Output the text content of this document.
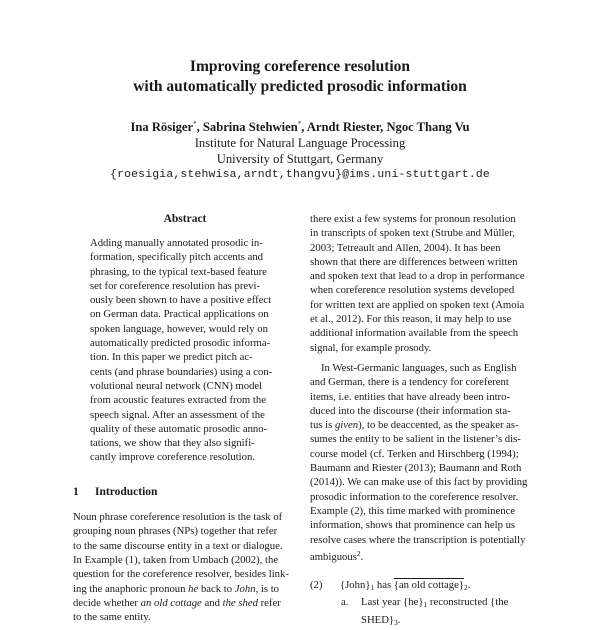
Improving coreference resolution
with automatically predicted prosodic information
Ina Rösiger*, Sabrina Stehwien*, Arndt Riester, Ngoc Thang Vu
Institute for Natural Language Processing
University of Stuttgart, Germany
{roesigia,stehwisa,arndt,thangvu}@ims.uni-stuttgart.de
Abstract
Adding manually annotated prosodic in-
formation, specifically pitch accents and
phrasing, to the typical text-based feature
set for coreference resolution has previ-
ously been shown to have a positive effect
on German data. Practical applications on
spoken language, however, would rely on
automatically predicted prosodic informa-
tion. In this paper we predict pitch ac-
cents (and phrase boundaries) using a con-
volutional neural network (CNN) model
from acoustic features extracted from the
speech signal. After an assessment of the
quality of these automatic prosodic anno-
tations, we show that they also signifi-
cantly improve coreference resolution.
1 Introduction
Noun phrase coreference resolution is the task of
grouping noun phrases (NPs) together that refer
to the same discourse entity in a text or dialogue.
In Example (1), taken from Umbach (2002), the
question for the coreference resolver, besides link-
ing the anaphoric pronoun he back to John, is to
decide whether an old cottage and the shed refer
to the same entity.
there exist a few systems for pronoun resolution
in transcripts of spoken text (Strube and Müller,
2003; Tetreault and Allen, 2004). It has been
shown that there are differences between written
and spoken text that lead to a drop in performance
when coreference resolution systems developed
for written text are applied on spoken text (Amoia
et al., 2012). For this reason, it may help to use
additional information available from the speech
signal, for example prosody.
In West-Germanic languages, such as English
and German, there is a tendency for coreferent
items, i.e. entities that have already been intro-
duced into the discourse (their information sta-
tus is given), to be deaccented, as the speaker as-
sumes the entity to be salient in the listener’s dis-
course model (cf. Terken and Hirschberg (1994);
Baumann and Riester (2013); Baumann and Roth
(2014)). We can make use of this fact by providing
prosodic information to the coreference resolver.
Example (2), this time marked with prominence
information, shows that prominence can help us
resolve cases where the transcription is potentially
ambiguous$^2$.
(2) $\{John\}_1$ has {an old $cottage\}_2$.
a. Last year $\{he\}_1$ reconstructed {the
$SHED\}_3$.
